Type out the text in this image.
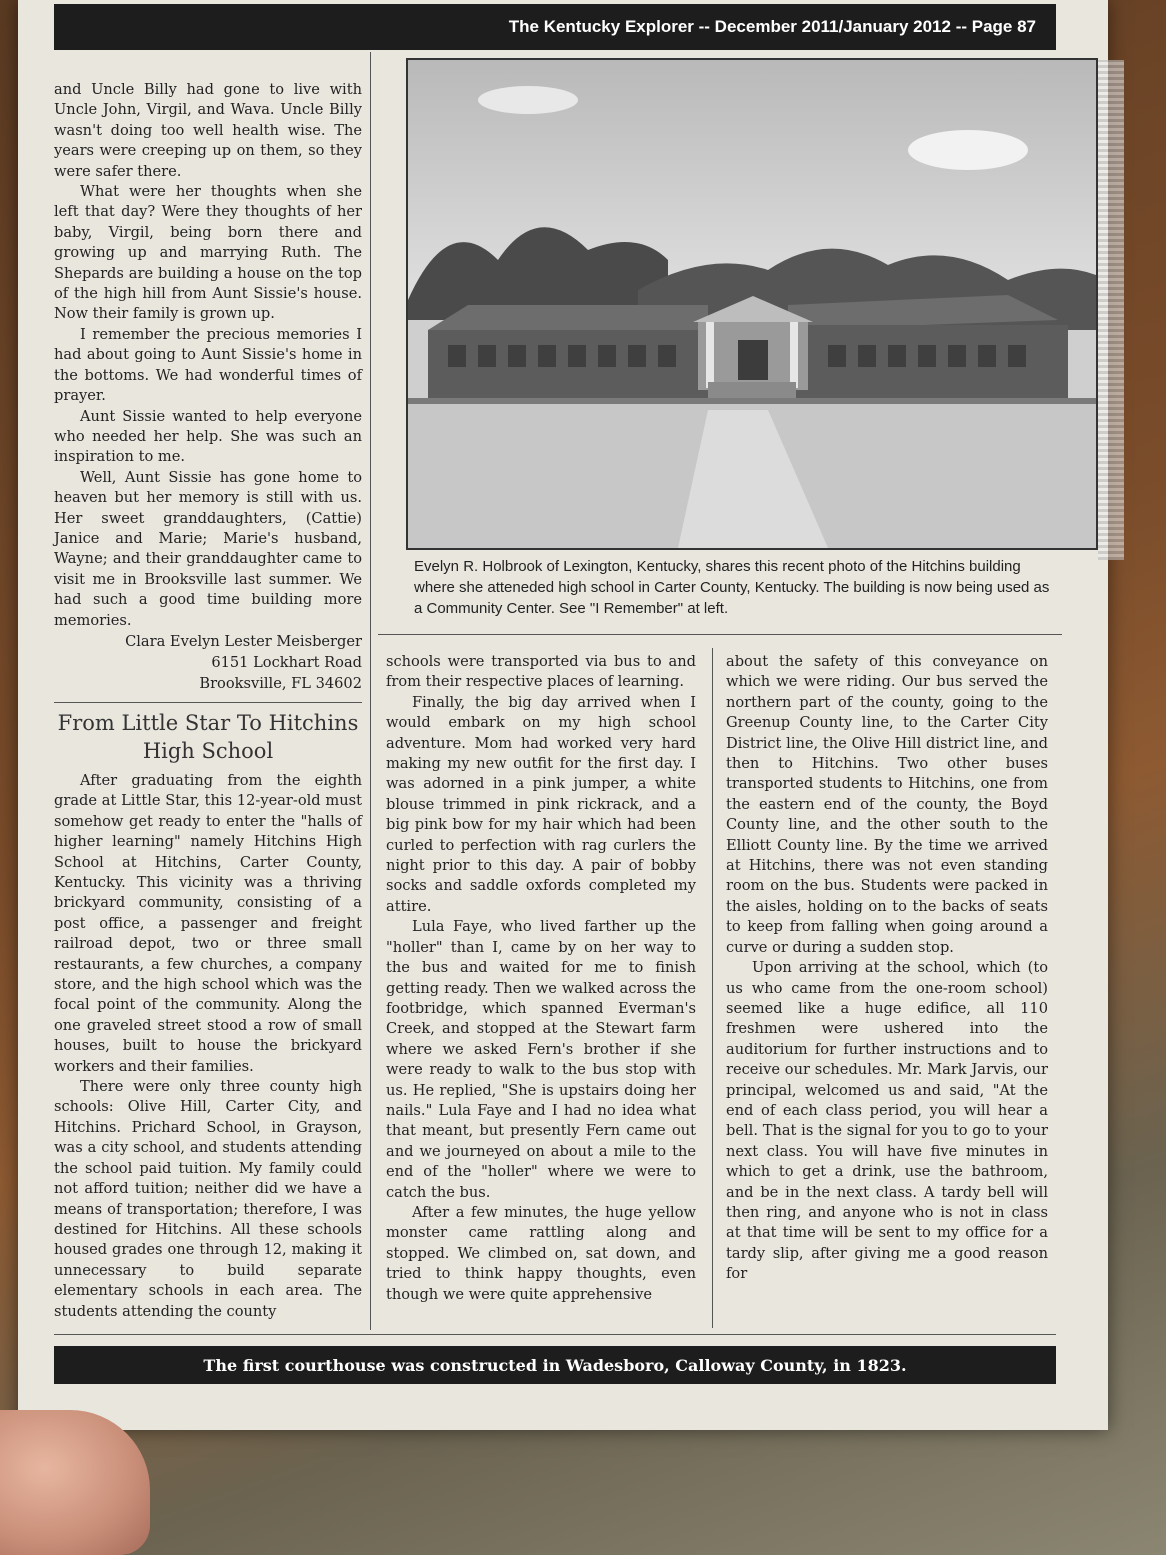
The Kentucky Explorer -- December 2011/January 2012 -- Page 87

and Uncle Billy had gone to live with Uncle John, Virgil, and Wava. Uncle Billy wasn't doing too well health wise. The years were creeping up on them, so they were safer there.

What were her thoughts when she left that day? Were they thoughts of her baby, Virgil, being born there and growing up and marrying Ruth. The Shepards are building a house on the top of the high hill from Aunt Sissie's house. Now their family is grown up.

I remember the precious memories I had about going to Aunt Sissie's home in the bottoms. We had wonderful times of prayer.

Aunt Sissie wanted to help everyone who needed her help. She was such an inspiration to me.

Well, Aunt Sissie has gone home to heaven but her memory is still with us. Her sweet granddaughters, (Cattie) Janice and Marie; Marie's husband, Wayne; and their granddaughter came to visit me in Brooksville last summer. We had such a good time building more memories.

Clara Evelyn Lester Meisberger
6151 Lockhart Road
Brooksville, FL 34602
From Little Star To Hitchins High School

After graduating from the eighth grade at Little Star, this 12-year-old must somehow get ready to enter the "halls of higher learning" namely Hitchins High School at Hitchins, Carter County, Kentucky. This vicinity was a thriving brickyard community, consisting of a post office, a passenger and freight railroad depot, two or three small restaurants, a few churches, a company store, and the high school which was the focal point of the community. Along the one graveled street stood a row of small houses, built to house the brickyard workers and their families.

There were only three county high schools: Olive Hill, Carter City, and Hitchins. Prichard School, in Grayson, was a city school, and students attending the school paid tuition. My family could not afford tuition; neither did we have a means of transportation; therefore, I was destined for Hitchins. All these schools housed grades one through 12, making it unnecessary to build separate elementary schools in each area. The students attending the county

Evelyn R. Holbrook of Lexington, Kentucky, shares this recent photo of the Hitchins building where she atteneded high school in Carter County, Kentucky. The building is now being used as a Community Center. See "I Remember" at left.

schools were transported via bus to and from their respective places of learning.

Finally, the big day arrived when I would embark on my high school adventure. Mom had worked very hard making my new outfit for the first day. I was adorned in a pink jumper, a white blouse trimmed in pink rickrack, and a big pink bow for my hair which had been curled to perfection with rag curlers the night prior to this day. A pair of bobby socks and saddle oxfords completed my attire.

Lula Faye, who lived farther up the "holler" than I, came by on her way to the bus and waited for me to finish getting ready. Then we walked across the footbridge, which spanned Everman's Creek, and stopped at the Stewart farm where we asked Fern's brother if she were ready to walk to the bus stop with us. He replied, "She is upstairs doing her nails." Lula Faye and I had no idea what that meant, but presently Fern came out and we journeyed on about a mile to the end of the "holler" where we were to catch the bus.

After a few minutes, the huge yellow monster came rattling along and stopped. We climbed on, sat down, and tried to think happy thoughts, even though we were quite apprehensive

about the safety of this conveyance on which we were riding. Our bus served the northern part of the county, going to the Greenup County line, to the Carter City District line, the Olive Hill district line, and then to Hitchins. Two other buses transported students to Hitchins, one from the eastern end of the county, the Boyd County line, and the other south to the Elliott County line. By the time we arrived at Hitchins, there was not even standing room on the bus. Students were packed in the aisles, holding on to the backs of seats to keep from falling when going around a curve or during a sudden stop.

Upon arriving at the school, which (to us who came from the one-room school) seemed like a huge edifice, all 110 freshmen were ushered into the auditorium for further instructions and to receive our schedules. Mr. Mark Jarvis, our principal, welcomed us and said, "At the end of each class period, you will hear a bell. That is the signal for you to go to your next class. You will have five minutes in which to get a drink, use the bathroom, and be in the next class. A tardy bell will then ring, and anyone who is not in class at that time will be sent to my office for a tardy slip, after giving me a good reason for

The first courthouse was constructed in Wadesboro, Calloway County, in 1823.
